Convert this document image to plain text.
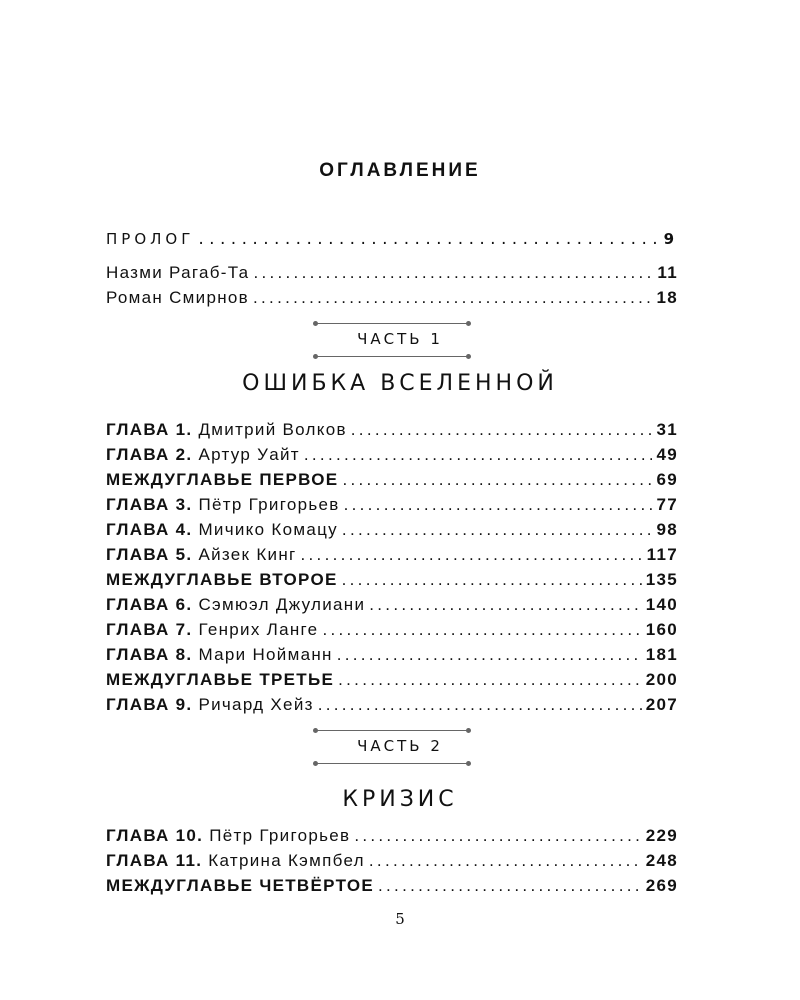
ОГЛАВЛЕНИЕ
ПРОЛОГ . . .	9
Назми Рагаб-Та .....	11
Роман Смирнов .....	18
ЧАСТЬ 1
ОШИБКА ВСЕЛЕННОЙ
ГЛАВА 1. Дмитрий Волков .....	31
ГЛАВА 2. Артур Уайт .....	49
МЕЖДУГЛАВЬЕ ПЕРВОЕ .....	69
ГЛАВА 3. Пётр Григорьев .....	77
ГЛАВА 4. Мичико Комацу .....	98
ГЛАВА 5. Айзек Кинг .....	117
МЕЖДУГЛАВЬЕ ВТОРОЕ .....	135
ГЛАВА 6. Сэмюэл Джулиани .....	140
ГЛАВА 7. Генрих Ланге .....	160
ГЛАВА 8. Мари Нойманн .....	181
МЕЖДУГЛАВЬЕ ТРЕТЬЕ .....	200
ГЛАВА 9. Ричард Хейз .....	207
ЧАСТЬ 2
КРИЗИС
ГЛАВА 10. Пётр Григорьев .....	229
ГЛАВА 11. Катрина Кэмпбел .....	248
МЕЖДУГЛАВЬЕ ЧЕТВЁРТОЕ .....	269
5
